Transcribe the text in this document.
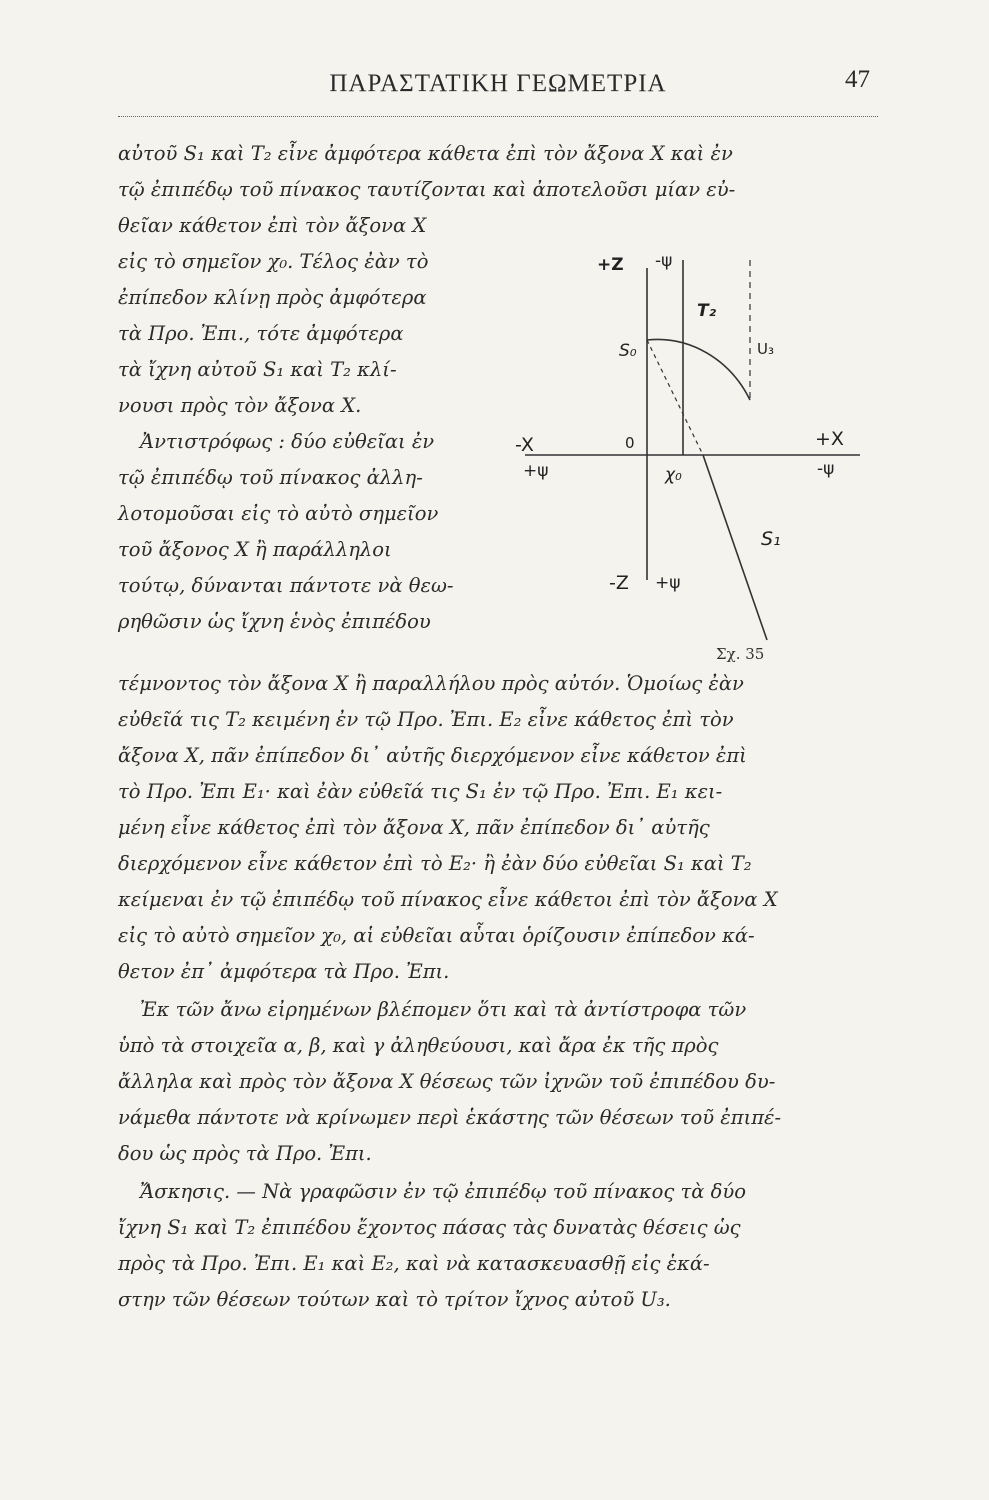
ΠΑΡΑΣΤΑΤΙΚΗ ΓΕΩΜΕΤΡΙΑ	47
αὐτοῦ S₁ καὶ T₂ εἶνε ἀμφότερα κάθετα ἐπὶ τὸν ἄξονα X καὶ ἐν
τῷ ἐπιπέδῳ τοῦ πίνακος ταυτίζονται καὶ ἀποτελοῦσι μίαν εὐ-
θεῖαν κάθετον ἐπὶ τὸν ἄξονα X
εἰς τὸ σημεῖον χ₀. Τέλος ἐὰν τὸ
ἐπίπεδον κλίνῃ πρὸς ἀμφότερα
τὰ Προ. Ἐπι., τότε ἀμφότερα
τὰ ἴχνη αὐτοῦ S₁ καὶ T₂ κλί-
νουσι πρὸς τὸν ἄξονα X.
Ἀντιστρόφως : δύο εὐθεῖαι ἐν
τῷ ἐπιπέδῳ τοῦ πίνακος ἀλλη-
λοτομοῦσαι εἰς τὸ αὐτὸ σημεῖον
τοῦ ἄξονος X ἢ παράλληλοι
τούτῳ, δύνανται πάντοτε νὰ θεω-
ρηθῶσιν ὡς ἴχνη ἑνὸς ἐπιπέδου
τέμνοντος τὸν ἄξονα X ἢ παραλλήλου πρὸς αὐτόν. Ὁμοίως ἐὰν
εὐθεῖά τις T₂ κειμένη ἐν τῷ Προ. Ἐπι. E₂ εἶνε κάθετος ἐπὶ τὸν
ἄξονα X, πᾶν ἐπίπεδον δι᾽ αὐτῆς διερχόμενον εἶνε κάθετον ἐπὶ
τὸ Προ. Ἐπι E₁· καὶ ἐὰν εὐθεῖά τις S₁ ἐν τῷ Προ. Ἐπι. E₁ κει-
μένη εἶνε κάθετος ἐπὶ τὸν ἄξονα X, πᾶν ἐπίπεδον δι᾽ αὐτῆς
διερχόμενον εἶνε κάθετον ἐπὶ τὸ E₂· ἢ ἐὰν δύο εὐθεῖαι S₁ καὶ T₂
κείμεναι ἐν τῷ ἐπιπέδῳ τοῦ πίνακος εἶνε κάθετοι ἐπὶ τὸν ἄξονα X
εἰς τὸ αὐτὸ σημεῖον χ₀, αἱ εὐθεῖαι αὗται ὁρίζουσιν ἐπίπεδον κά-
θετον ἐπ᾽ ἀμφότερα τὰ Προ. Ἐπι.
Ἐκ τῶν ἄνω εἰρημένων βλέπομεν ὅτι καὶ τὰ ἀντίστροφα τῶν
ὑπὸ τὰ στοιχεῖα α, β, καὶ γ ἀληθεύουσι, καὶ ἄρα ἐκ τῆς πρὸς
ἄλληλα καὶ πρὸς τὸν ἄξονα X θέσεως τῶν ἰχνῶν τοῦ ἐπιπέδου δυ-
νάμεθα πάντοτε νὰ κρίνωμεν περὶ ἑκάστης τῶν θέσεων τοῦ ἐπιπέ-
δου ὡς πρὸς τὰ Προ. Ἐπι.
Ἄσκησις. — Νὰ γραφῶσιν ἐν τῷ ἐπιπέδῳ τοῦ πίνακος τὰ δύο
ἴχνη S₁ καὶ T₂ ἐπιπέδου ἔχοντος πάσας τὰς δυνατὰς θέσεις ὡς
πρὸς τὰ Προ. Ἐπι. E₁ καὶ E₂, καὶ νὰ κατασκευασθῇ εἰς ἑκά-
στην τῶν θέσεων τούτων καὶ τὸ τρίτον ἴχνος αὐτοῦ U₃.
+Z -ψ
T₂
U₃
S₀
0
-X
+ψ
+X
-ψ
χ₀
S₁
-Z +ψ
Σχ. 35
